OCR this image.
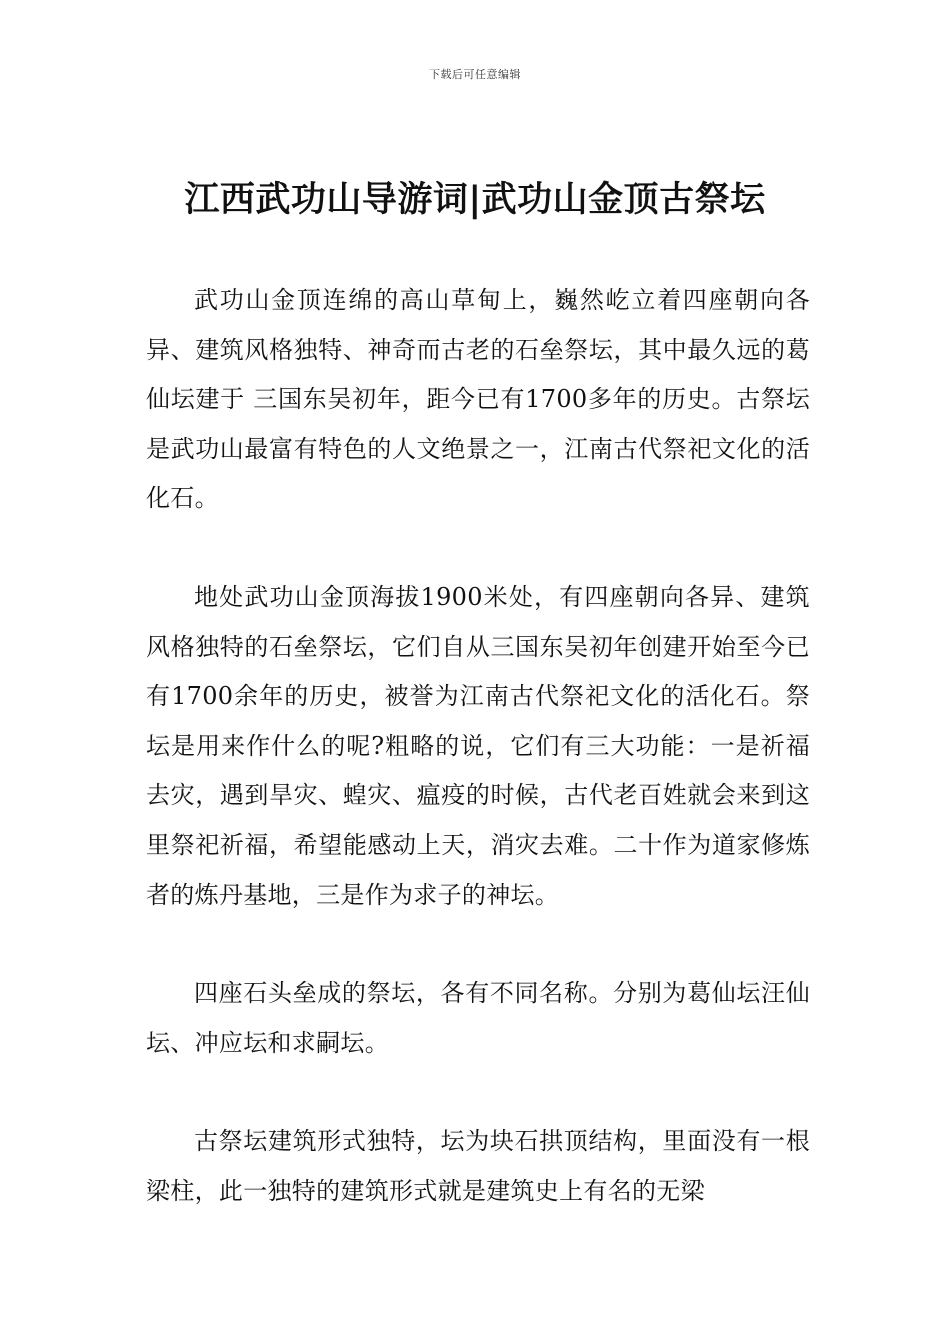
下载后可任意编辑
江西武功山导游词|武功山金顶古祭坛

武功山金顶连绵的高山草甸上，巍然屹立着四座朝向各异、建筑风格独特、神奇而古老的石垒祭坛，其中最久远的葛仙坛建于 三国东吴初年，距今已有1700多年的历史。古祭坛是武功山最富有特色的人文绝景之一，江南古代祭祀文化的活化石。

地处武功山金顶海拔1900米处，有四座朝向各异、建筑风格独特的石垒祭坛，它们自从三国东吴初年创建开始至今已有1700余年的历史，被誉为江南古代祭祀文化的活化石。祭坛是用来作什么的呢?粗略的说，它们有三大功能：一是祈福去灾，遇到旱灾、蝗灾、瘟疫的时候，古代老百姓就会来到这里祭祀祈福，希望能感动上天，消灾去难。二十作为道家修炼者的炼丹基地，三是作为求子的神坛。

四座石头垒成的祭坛，各有不同名称。分别为葛仙坛汪仙坛、冲应坛和求嗣坛。

古祭坛建筑形式独特，坛为块石拱顶结构，里面没有一根梁柱，此一独特的建筑形式就是建筑史上有名的无梁
